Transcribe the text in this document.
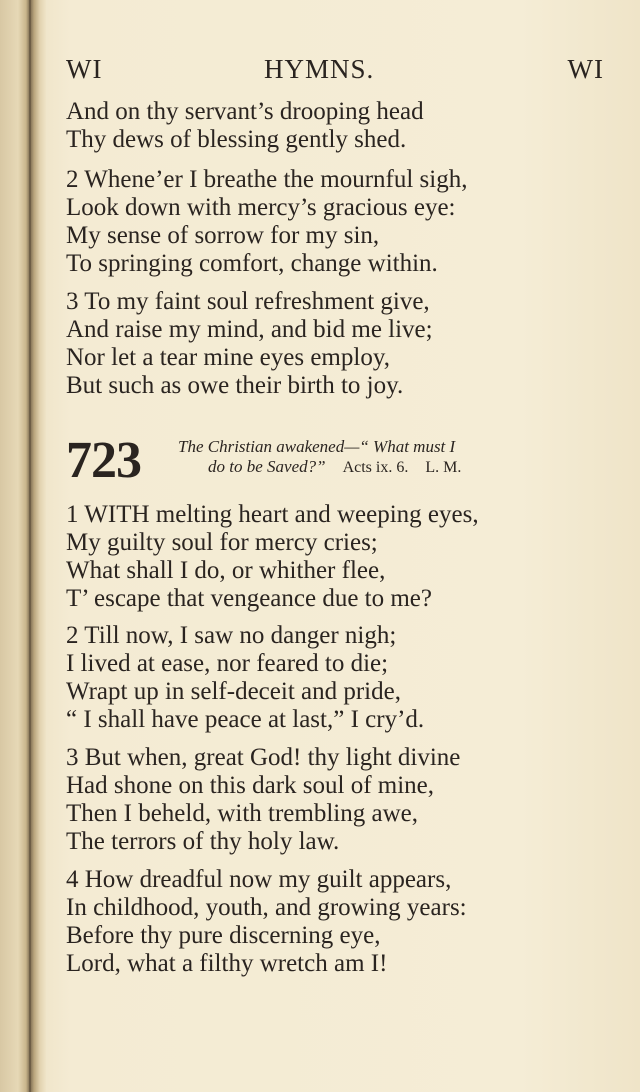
WI	HYMNS.	WI
And on thy servant’s drooping head
Thy dews of blessing gently shed.
2 Whene’er I breathe the mournful sigh,
Look down with mercy’s gracious eye:
My sense of sorrow for my sin,
To springing comfort, change within.
3 To my faint soul refreshment give,
And raise my mind, and bid me live;
Nor let a tear mine eyes employ,
But such as owe their birth to joy.
723 The Christian awakened—“ What must I
do to be Saved?” Acts ix. 6. L. M.
1 WITH melting heart and weeping eyes,
My guilty soul for mercy cries;
What shall I do, or whither flee,
T’ escape that vengeance due to me?
2 Till now, I saw no danger nigh;
I lived at ease, nor feared to die;
Wrapt up in self-deceit and pride,
“ I shall have peace at last,” I cry’d.
3 But when, great God! thy light divine
Had shone on this dark soul of mine,
Then I beheld, with trembling awe,
The terrors of thy holy law.
4 How dreadful now my guilt appears,
In childhood, youth, and growing years:
Before thy pure discerning eye,
Lord, what a filthy wretch am I!
